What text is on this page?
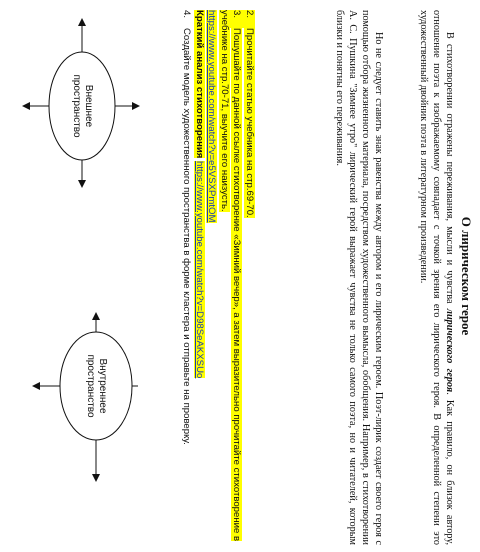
О лирическом герое

В стихотворении отражены переживания, мысли и чувства лирического героя. Как правило, он близок автору, отношение поэта к изображаемому совпадает с точкой зрения его лирического героя. В определенной степени это художественный двойник поэта в литературном произведении.

Но не следует ставить знак равенства между автором и его лирическим героем. Поэт-лирик создает своего героя с помощью отбора жизненного материала, посредством художественного вымысла, обобщения. Например, в стихотворении А. С. Пушкина "Зимнее утро" лирический герой выражает чувства не только самого поэта, но и читателей, которым близки и понятны его переживания.

2.Прочитайте статью учебника на стр.69-70.
3.Пошушайте по данной ссылке стихотворение «Зимний вечер», а затем выразительно прочитайте стихотворение в учебнике на стр.70-71, выучите его наизусть.
https://www.youtube.com/watch?v=e5VSXPmtOM
Краткий анализ стихотворения https://www.youtube.com/watch?v=D98SeAKXSUo
4.Создайте модель художественного пространства в форме кластера и отправьте на проверку.
Внешнее пространство
Внутреннее пространство
